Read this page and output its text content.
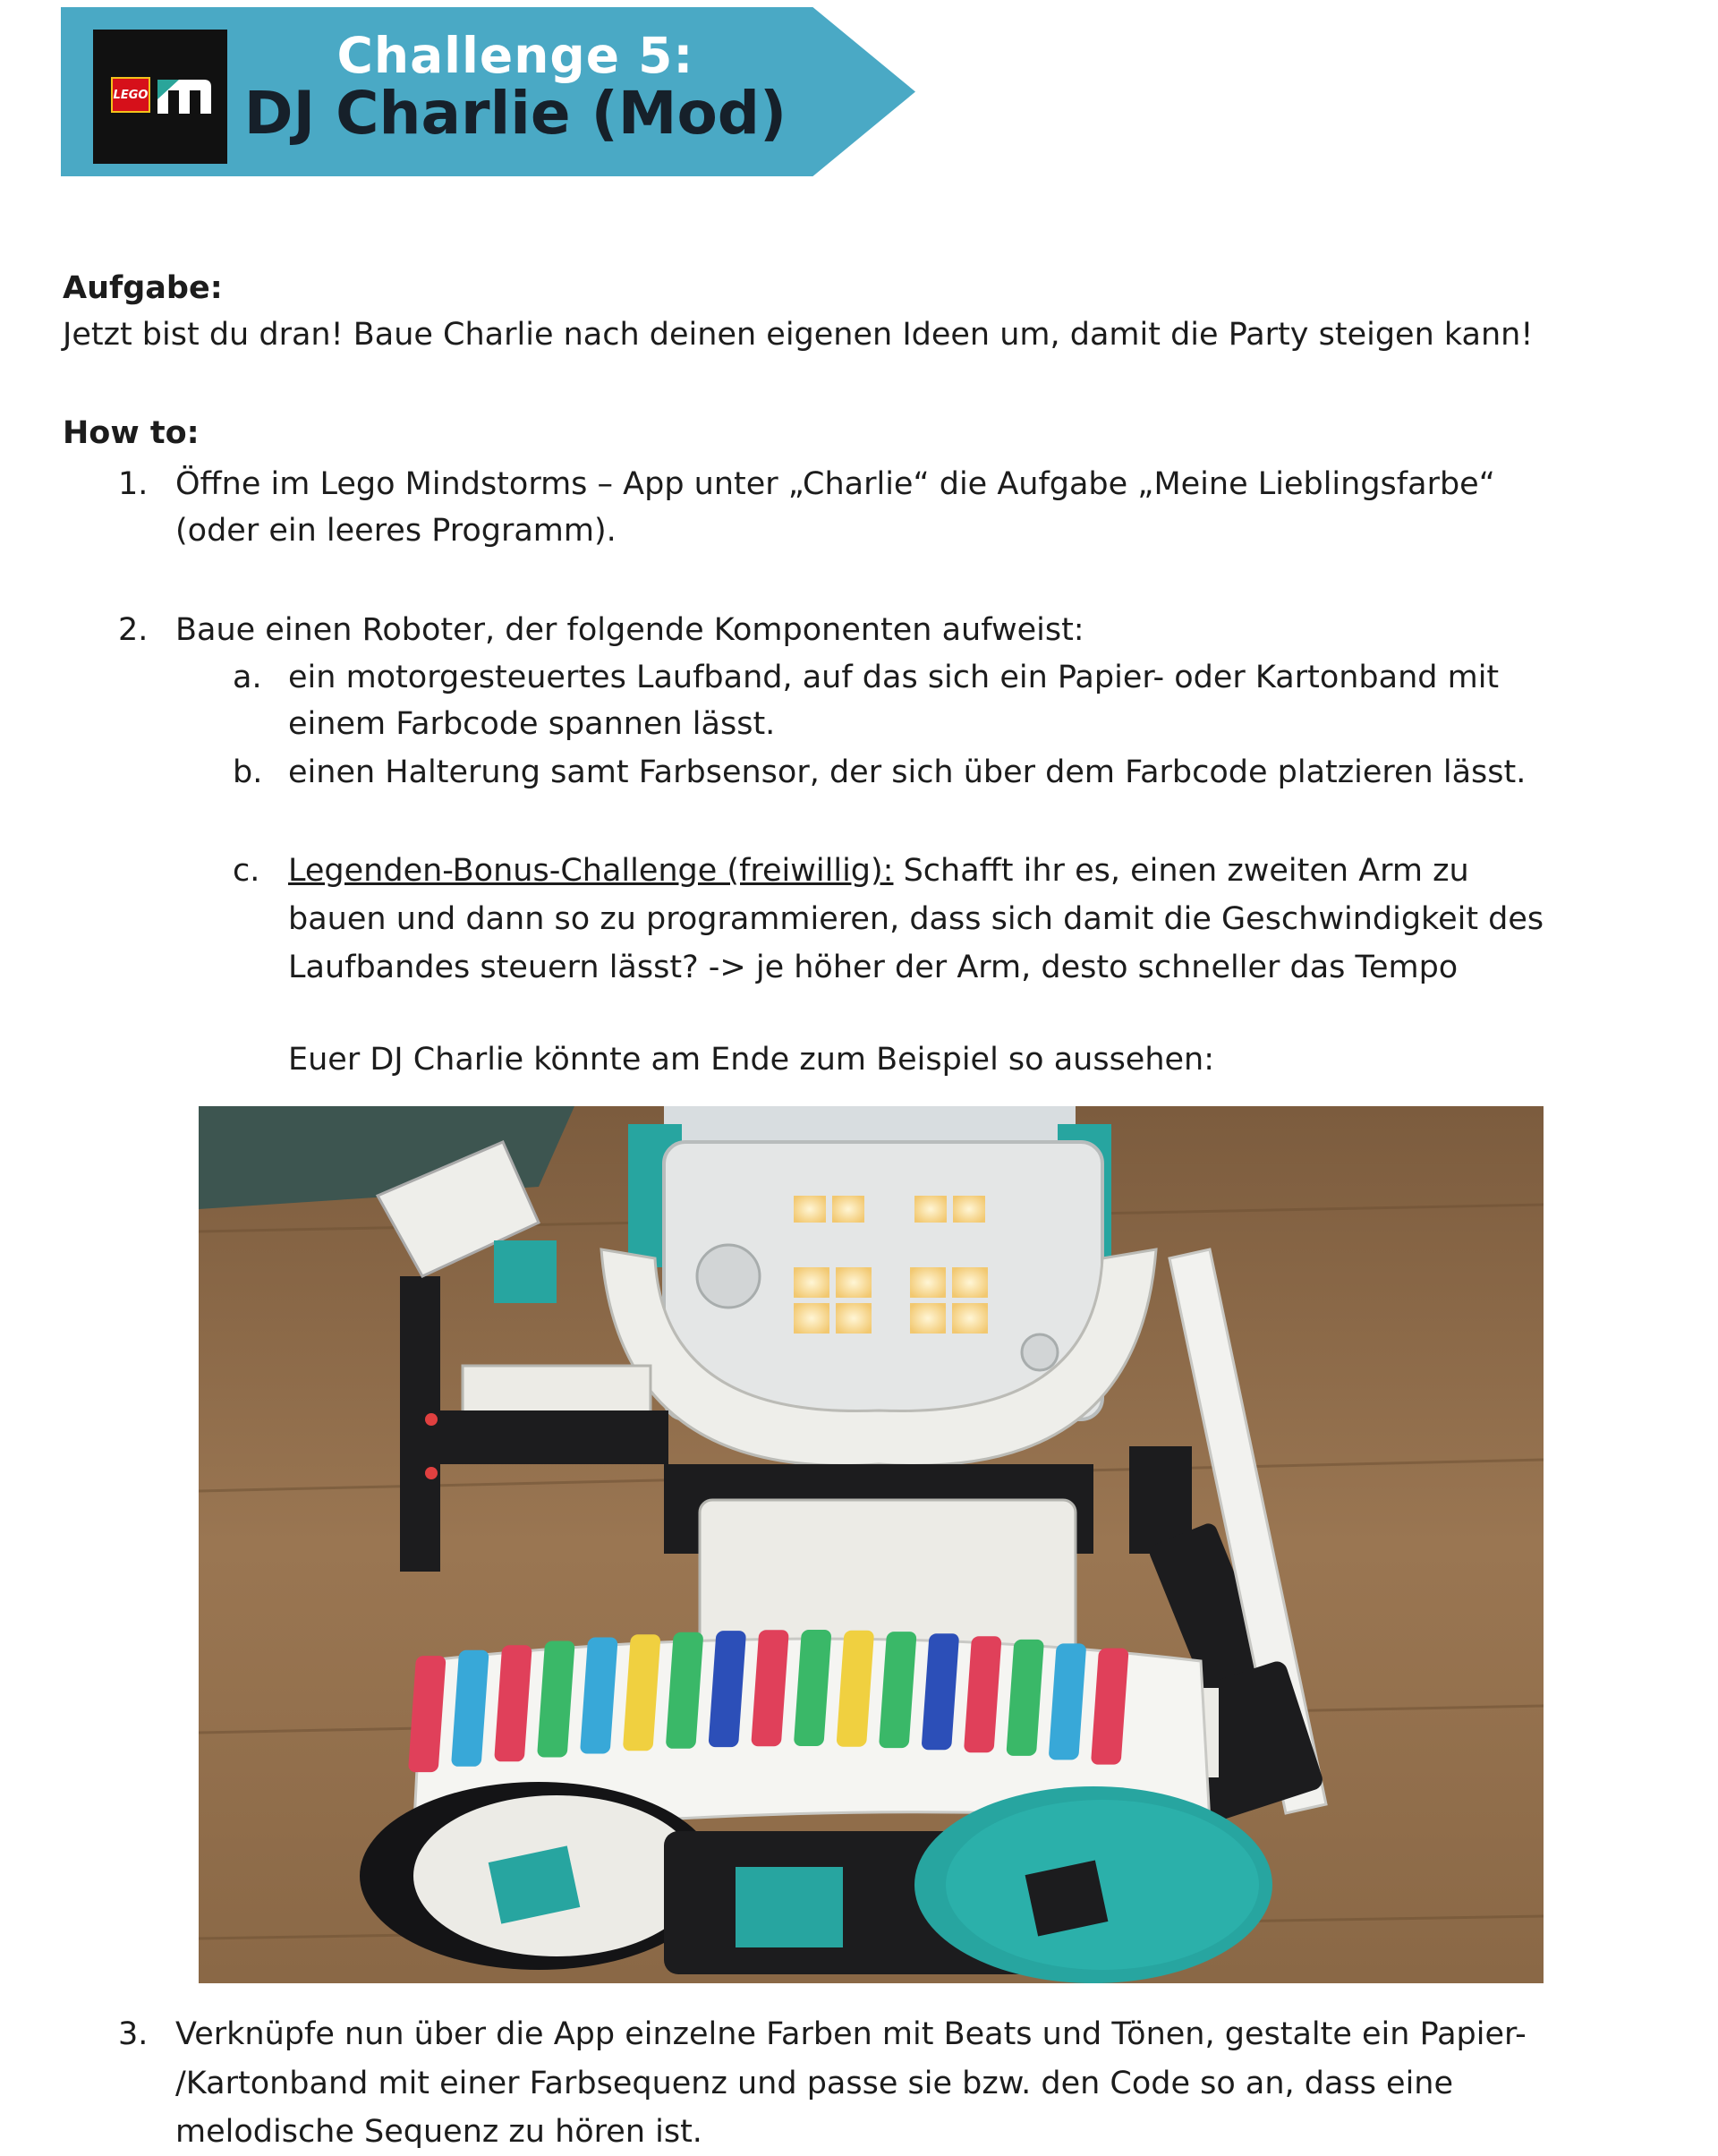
LEGO
Challenge 5:
DJ Charlie (Mod)
Aufgabe:
Jetzt bist du dran! Baue Charlie nach deinen eigenen Ideen um, damit die Party steigen kann!
How to:
1. Öffne im Lego Mindstorms – App unter „Charlie“ die Aufgabe „Meine Lieblingsfarbe“
(oder ein leeres Programm).
2. Baue einen Roboter, der folgende Komponenten aufweist:
a. ein motorgesteuertes Laufband, auf das sich ein Papier- oder Kartonband mit
einem Farbcode spannen lässt.
b. einen Halterung samt Farbsensor, der sich über dem Farbcode platzieren lässt.
c. Legenden-Bonus-Challenge (freiwillig): Schafft ihr es, einen zweiten Arm zu
bauen und dann so zu programmieren, dass sich damit die Geschwindigkeit des
Laufbandes steuern lässt? -> je höher der Arm, desto schneller das Tempo
Euer DJ Charlie könnte am Ende zum Beispiel so aussehen:
3. Verknüpfe nun über die App einzelne Farben mit Beats und Tönen, gestalte ein Papier-
/Kartonband mit einer Farbsequenz und passe sie bzw. den Code so an, dass eine
melodische Sequenz zu hören ist.
